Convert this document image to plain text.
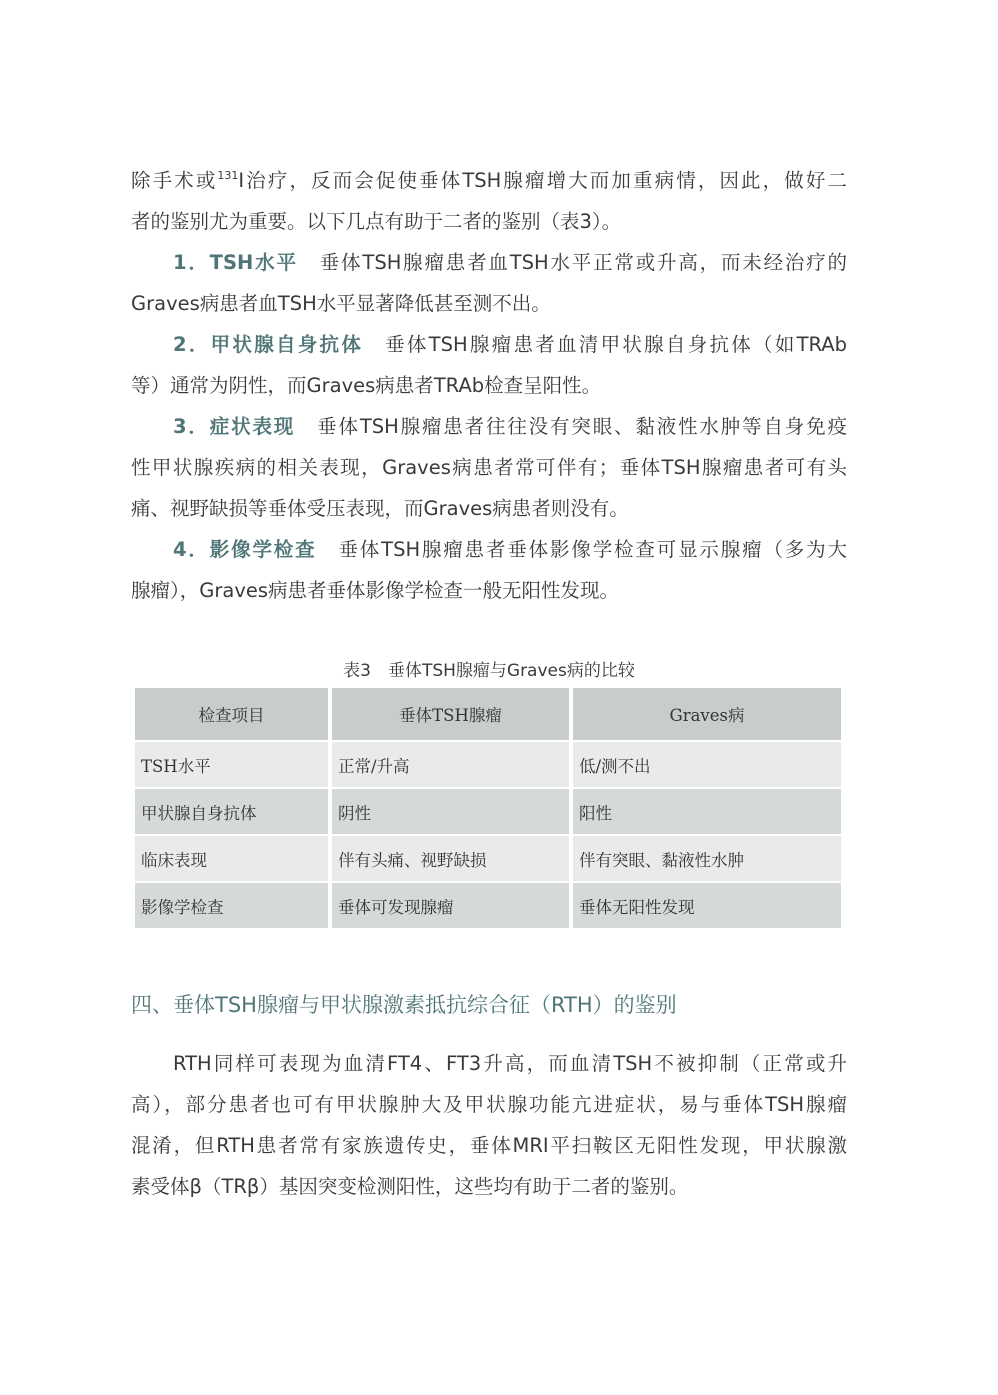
除手术或$^{131}$I治疗，反而会促使垂体TSH腺瘤增大而加重病情，因此，做好二
者的鉴别尤为重要。以下几点有助于二者的鉴别（表3）。
1．TSH水平 垂体TSH腺瘤患者血TSH水平正常或升高，而未经治疗的
Graves病患者血TSH水平显著降低甚至测不出。
2．甲状腺自身抗体 垂体TSH腺瘤患者血清甲状腺自身抗体（如TRAb
等）通常为阴性，而Graves病患者TRAb检查呈阳性。
3．症状表现 垂体TSH腺瘤患者往往没有突眼、黏液性水肿等自身免疫
性甲状腺疾病的相关表现，Graves病患者常可伴有；垂体TSH腺瘤患者可有头
痛、视野缺损等垂体受压表现，而Graves病患者则没有。
4．影像学检查 垂体TSH腺瘤患者垂体影像学检查可显示腺瘤（多为大
腺瘤），Graves病患者垂体影像学检查一般无阳性发现。
表3　垂体TSH腺瘤与Graves病的比较
检查项目	垂体TSH腺瘤	Graves病
TSH水平	正常/升高	低/测不出
甲状腺自身抗体	阴性	阳性
临床表现	伴有头痛、视野缺损	伴有突眼、黏液性水肿
影像学检查	垂体可发现腺瘤	垂体无阳性发现
四、垂体TSH腺瘤与甲状腺激素抵抗综合征（RTH）的鉴别
RTH同样可表现为血清FT4、FT3升高，而血清TSH不被抑制（正常或升
高），部分患者也可有甲状腺肿大及甲状腺功能亢进症状，易与垂体TSH腺瘤
混淆，但RTH患者常有家族遗传史，垂体MRI平扫鞍区无阳性发现，甲状腺激
素受体β（TRβ）基因突变检测阳性，这些均有助于二者的鉴别。
